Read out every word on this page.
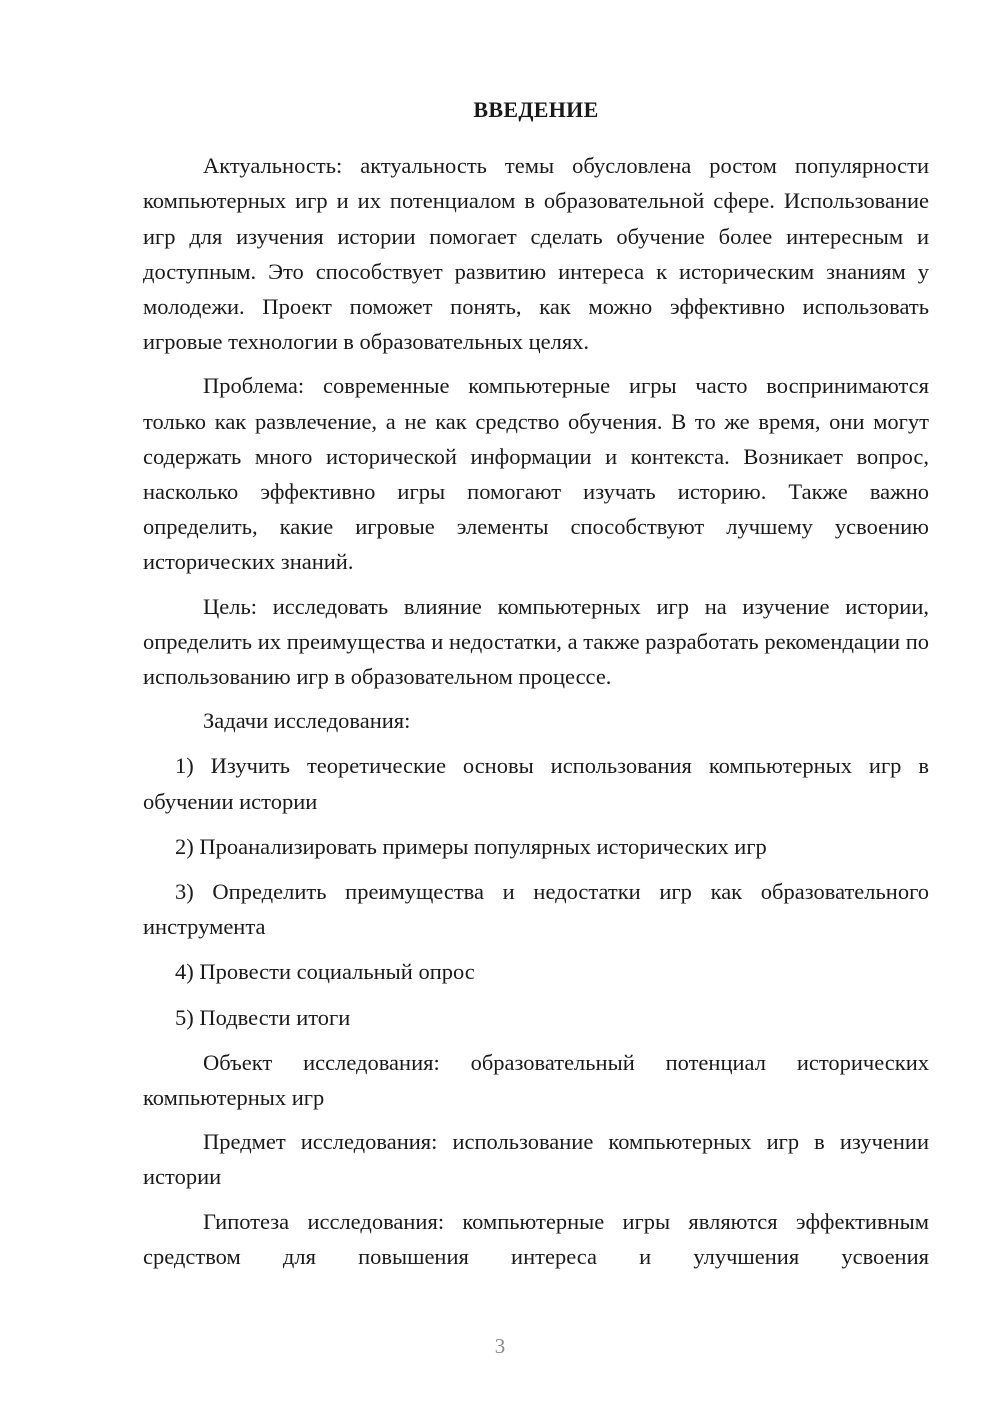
ВВЕДЕНИЕ

Актуальность: актуальность темы обусловлена ростом популярности компьютерных игр и их потенциалом в образовательной сфере. Использование игр для изучения истории помогает сделать обучение более интересным и доступным. Это способствует развитию интереса к историческим знаниям у молодежи. Проект поможет понять, как можно эффективно использовать игровые технологии в образовательных целях.

Проблема: современные компьютерные игры часто воспринимаются только как развлечение, а не как средство обучения. В то же время, они могут содержать много исторической информации и контекста. Возникает вопрос, насколько эффективно игры помогают изучать историю. Также важно определить, какие игровые элементы способствуют лучшему усвоению исторических знаний.

Цель: исследовать влияние компьютерных игр на изучение истории, определить их преимущества и недостатки, а также разработать рекомендации по использованию игр в образовательном процессе.

Задачи исследования:

1) Изучить теоретические основы использования компьютерных игр в обучении истории

2) Проанализировать примеры популярных исторических игр

3) Определить преимущества и недостатки игр как образовательного инструмента

4) Провести социальный опрос

5) Подвести итоги

Объект исследования: образовательный потенциал исторических компьютерных игр

Предмет исследования: использование компьютерных игр в изучении истории

Гипотеза исследования: компьютерные игры являются эффективным средством для повышения интереса и улучшения усвоения

3
